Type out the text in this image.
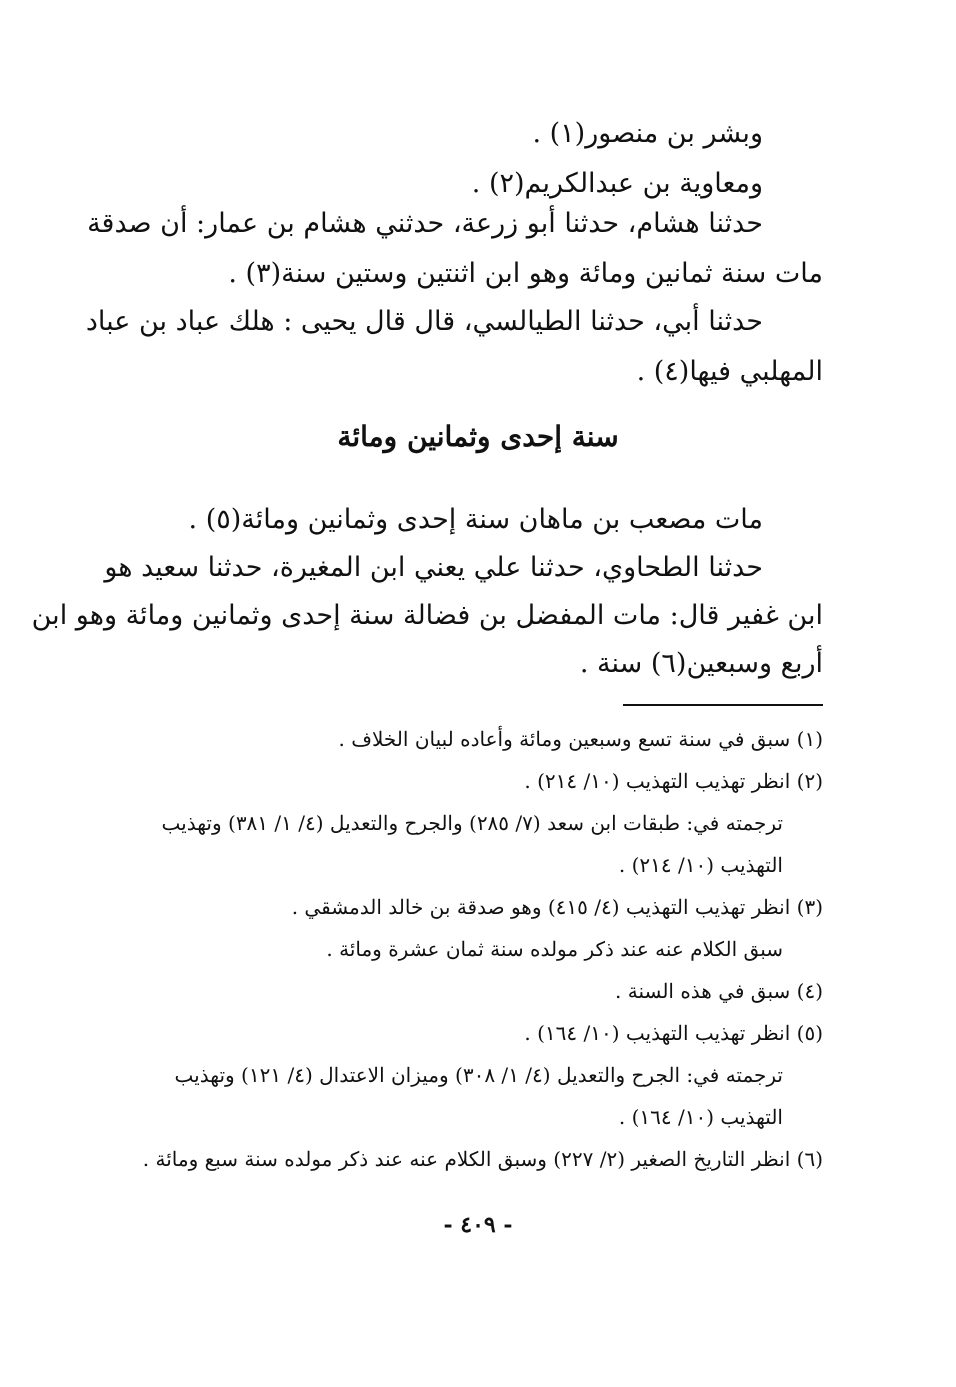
وبشر بن منصور(١) .

ومعاوية بن عبدالكريم(٢) .

حدثنا هشام، حدثنا أبو زرعة، حدثني هشام بن عمار: أن صدقة

مات سنة ثمانين ومائة وهو ابن اثنتين وستين سنة(٣) .

حدثنا أبي، حدثنا الطيالسي، قال قال يحيى : هلك عباد بن عباد

المهلبي فيها(٤) .

سنة إحدى وثمانين ومائة

مات مصعب بن ماهان سنة إحدى وثمانين ومائة(٥) .

حدثنا الطحاوي، حدثنا علي يعني ابن المغيرة، حدثنا سعيد هو

ابن غفير قال: مات المفضل بن فضالة سنة إحدى وثمانين ومائة وهو ابن

أربع وسبعين(٦) سنة .

(١) سبق في سنة تسع وسبعين ومائة وأعاده لبيان الخلاف .

(٢) انظر تهذيب التهذيب (١٠/ ٢١٤) .

ترجمته في: طبقات ابن سعد (٧/ ٢٨٥) والجرح والتعديل (٤/ ١/ ٣٨١) وتهذيب

التهذيب (١٠/ ٢١٤) .

(٣) انظر تهذيب التهذيب (٤/ ٤١٥) وهو صدقة بن خالد الدمشقي .

سبق الكلام عنه عند ذكر مولده سنة ثمان عشرة ومائة .

(٤) سبق في هذه السنة .

(٥) انظر تهذيب التهذيب (١٠/ ١٦٤) .

ترجمته في: الجرح والتعديل (٤/ ١/ ٣٠٨) وميزان الاعتدال (٤/ ١٢١) وتهذيب

التهذيب (١٠/ ١٦٤) .

(٦) انظر التاريخ الصغير (٢/ ٢٢٧) وسبق الكلام عنه عند ذكر مولده سنة سبع ومائة .

- ٤٠٩ -
